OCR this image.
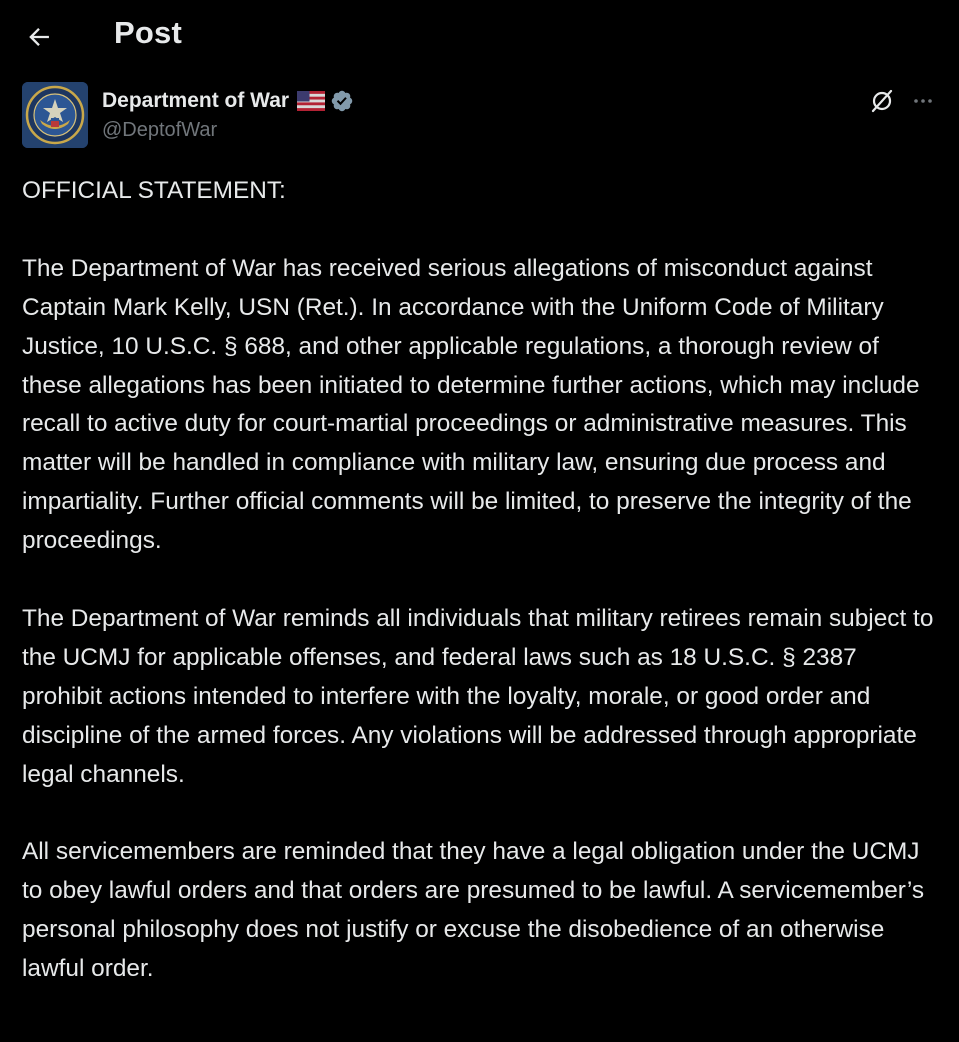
Post
Department of War
@DeptofWar

OFFICIAL STATEMENT:

The Department of War has received serious allegations of misconduct against Captain Mark Kelly, USN (Ret.). In accordance with the Uniform Code of Military Justice, 10 U.S.C. § 688, and other applicable regulations, a thorough review of these allegations has been initiated to determine further actions, which may include recall to active duty for court-martial proceedings or administrative measures. This matter will be handled in compliance with military law, ensuring due process and impartiality. Further official comments will be limited, to preserve the integrity of the proceedings.

The Department of War reminds all individuals that military retirees remain subject to the UCMJ for applicable offenses, and federal laws such as 18 U.S.C. § 2387 prohibit actions intended to interfere with the loyalty, morale, or good order and discipline of the armed forces. Any violations will be addressed through appropriate legal channels.

All servicemembers are reminded that they have a legal obligation under the UCMJ to obey lawful orders and that orders are presumed to be lawful. A servicemember’s personal philosophy does not justify or excuse the disobedience of an otherwise lawful order.
